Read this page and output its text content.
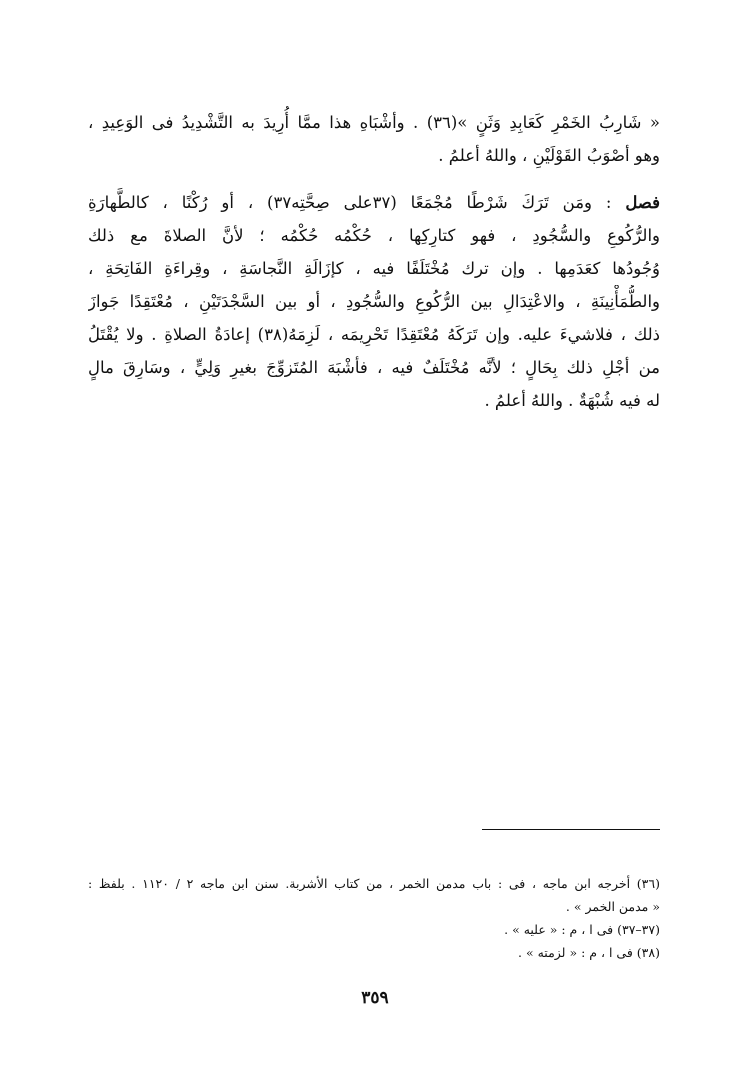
« شَارِبُ الخَمْرِ كَعَابِدِ وَثَنٍ »(٣٦) . وأشْبَاهِ هذا ممَّا أُرِيدَ به التَّشْدِيدُ فى الوَعِيدِ ،
وهو أصْوَبُ القَوْلَيْنِ ، واللهُ أعلمُ .
فصل : ومَن تَرَكَ شَرْطًا مُجْمَعًا (٣٧على صِحَّتِه٣٧) ، أو رُكْنًا ، كالطَّهارَةِ
والرُّكُوعِ والسُّجُودِ ، فهو كتارِكِها ، حُكْمُه حُكْمُه ؛ لأنَّ الصلاةَ مع ذلك
وُجُودُها كعَدَمِها . وإن ترك مُخْتَلَفًا فيه ، كإزَالَةِ النَّجاسَةِ ، وقِراءَةِ الفَاتِحَةِ ،
والطُّمَأْنِينَةِ ، والاعْتِدَالِ بين الرُّكُوعِ والسُّجُودِ ، أو بين السَّجْدَتَيْنِ ، مُعْتَقِدًا جَوازَ
ذلك ، فلاشيءَ عليه. وإن تَرَكَهُ مُعْتَقِدًا تَحْرِيمَه ، لَزِمَهُ(٣٨) إعادَةُ الصلاةِ . ولا يُقْتَلُ
من أجْلِ ذلك بِحَالٍ ؛ لأنَّه مُخْتَلَفٌ فيه ، فأشْبَهَ المُتَزوِّجَ بغيرِ وَلِيٍّ ، وسَارِقَ مالٍ
له فيه شُبْهَةٌ . واللهُ أعلمُ .
(٣٦) أخرجه ابن ماجه ، فى : باب مدمن الخمر ، من كتاب الأشربة. سنن ابن ماجه ٢ / ١١٢٠ . بلفظ :
« مدمن الخمر » .
(٣٧–٣٧) فى ا ، م : « عليه » .
(٣٨) فى ا ، م : « لزمته » .
٣٥٩
